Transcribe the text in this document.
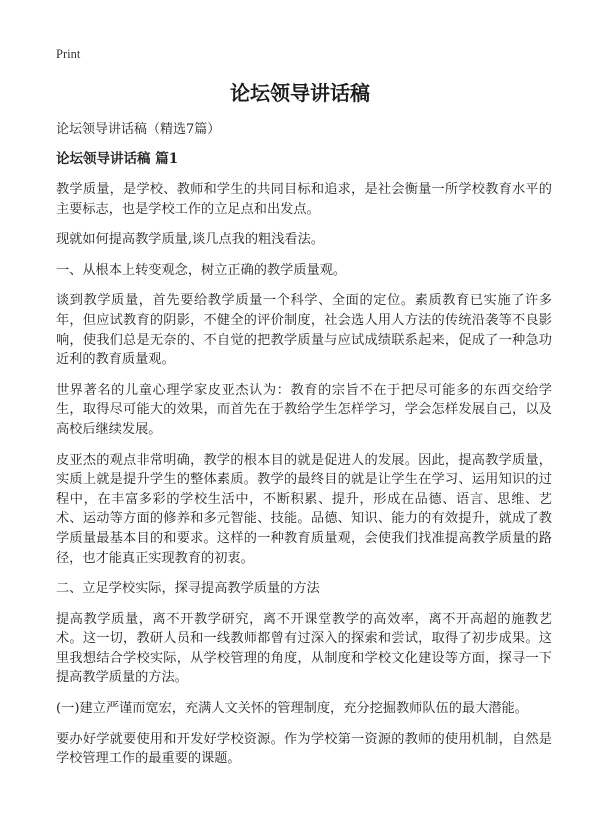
Print
论坛领导讲话稿
论坛领导讲话稿（精选7篇）
论坛领导讲话稿 篇1

教学质量，是学校、教师和学生的共同目标和追求，是社会衡量一所学校教育水平的主要标志，也是学校工作的立足点和出发点。

现就如何提高教学质量,谈几点我的粗浅看法。

一、从根本上转变观念，树立正确的教学质量观。

谈到教学质量，首先要给教学质量一个科学、全面的定位。素质教育已实施了许多年，但应试教育的阴影，不健全的评价制度，社会选人用人方法的传统沿袭等不良影响，使我们总是无奈的、不自觉的把教学质量与应试成绩联系起来，促成了一种急功近利的教育质量观。

世界著名的儿童心理学家皮亚杰认为：教育的宗旨不在于把尽可能多的东西交给学生，取得尽可能大的效果，而首先在于教给学生怎样学习，学会怎样发展自己，以及高校后继续发展。

皮亚杰的观点非常明确，教学的根本目的就是促进人的发展。因此，提高教学质量，实质上就是提升学生的整体素质。教学的最终目的就是让学生在学习、运用知识的过程中，在丰富多彩的学校生活中，不断积累、提升，形成在品德、语言、思维、艺术、运动等方面的修养和多元智能、技能。品德、知识、能力的有效提升，就成了教学质量最基本目的和要求。这样的一种教育质量观，会使我们找准提高教学质量的路径，也才能真正实现教育的初衷。

二、立足学校实际，探寻提高教学质量的方法

提高教学质量，离不开教学研究，离不开课堂教学的高效率，离不开高超的施教艺术。这一切，教研人员和一线教师都曾有过深入的探索和尝试，取得了初步成果。这里我想结合学校实际，从学校管理的角度，从制度和学校文化建设等方面，探寻一下提高教学质量的方法。

(一)建立严谨而宽宏，充满人文关怀的管理制度，充分挖掘教师队伍的最大潜能。

要办好学就要使用和开发好学校资源。作为学校第一资源的教师的使用机制，自然是学校管理工作的最重要的课题。
